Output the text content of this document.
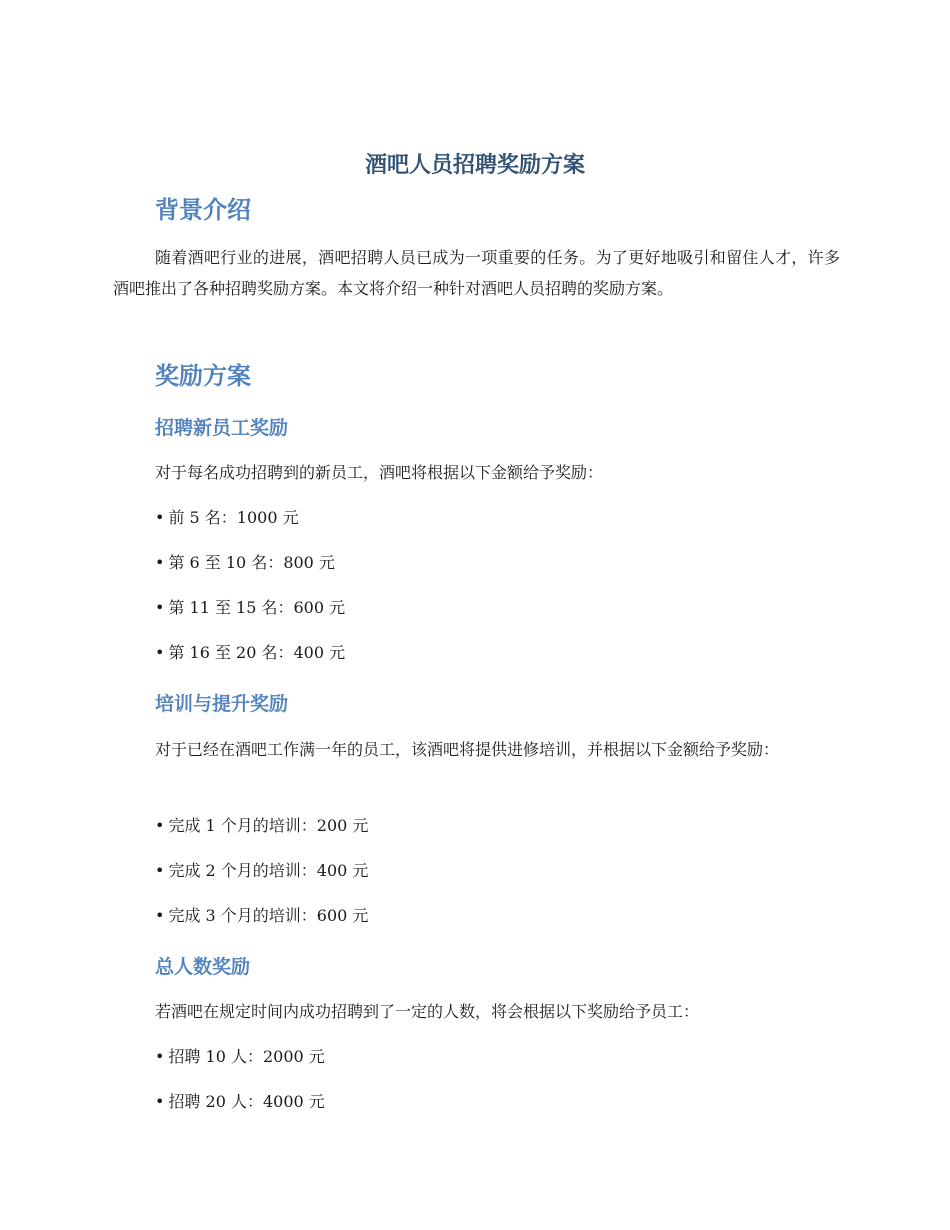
酒吧人员招聘奖励方案
背景介绍

随着酒吧行业的进展，酒吧招聘人员已成为一项重要的任务。为了更好地吸引和留住人才，许多酒吧推出了各种招聘奖励方案。本文将介绍一种针对酒吧人员招聘的奖励方案。

奖励方案
招聘新员工奖励

对于每名成功招聘到的新员工，酒吧将根据以下金额给予奖励：

• 前 5 名：1000 元

• 第 6 至 10 名：800 元

• 第 11 至 15 名：600 元

• 第 16 至 20 名：400 元

培训与提升奖励

对于已经在酒吧工作满一年的员工，该酒吧将提供进修培训，并根据以下金额给予奖励：

• 完成 1 个月的培训：200 元

• 完成 2 个月的培训：400 元

• 完成 3 个月的培训：600 元

总人数奖励

若酒吧在规定时间内成功招聘到了一定的人数，将会根据以下奖励给予员工：

• 招聘 10 人：2000 元

• 招聘 20 人：4000 元
